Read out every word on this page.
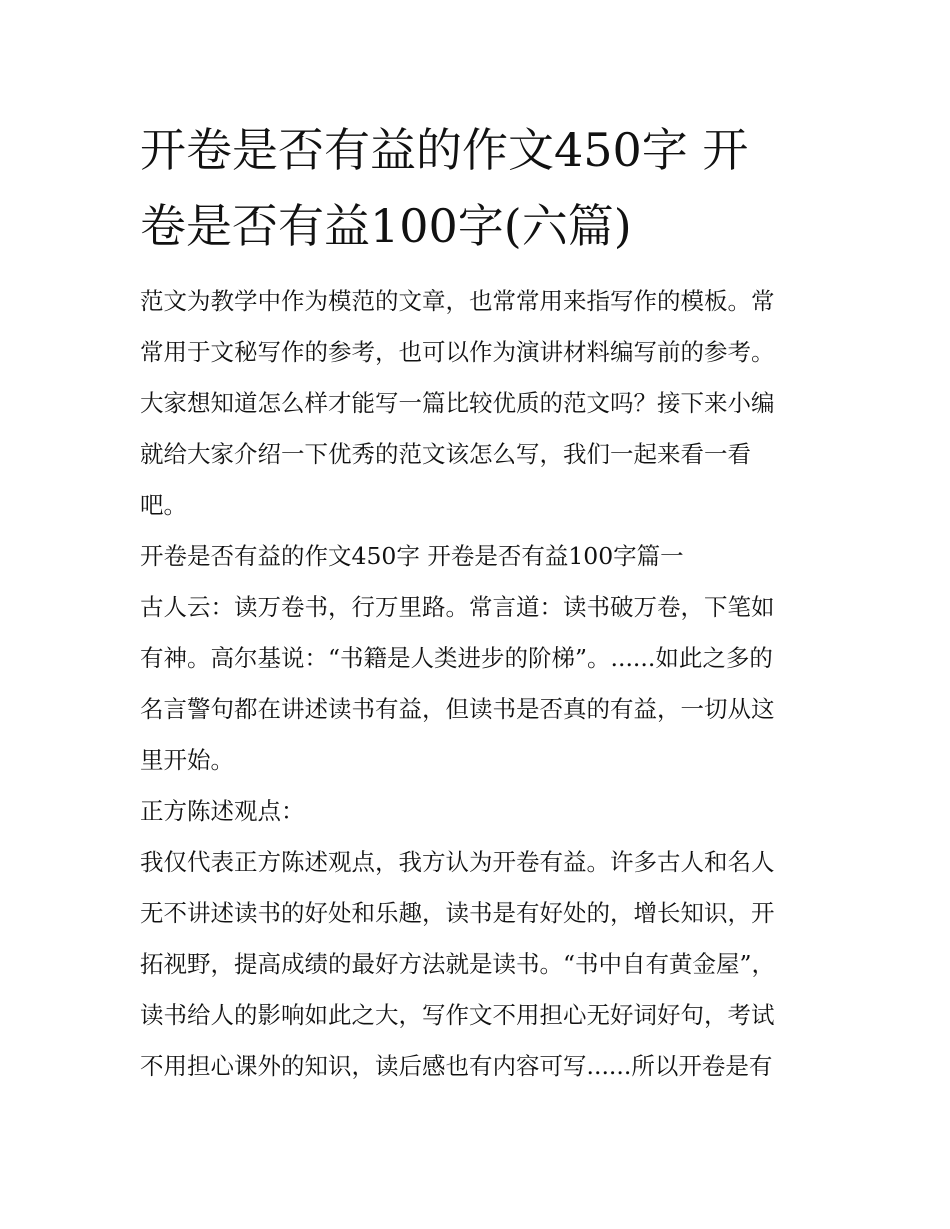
开卷是否有益的作文450字 开
卷是否有益100字(六篇)
范文为教学中作为模范的文章，也常常用来指写作的模板。常
常用于文秘写作的参考，也可以作为演讲材料编写前的参考。
大家想知道怎么样才能写一篇比较优质的范文吗？接下来小编
就给大家介绍一下优秀的范文该怎么写，我们一起来看一看
吧。
开卷是否有益的作文450字 开卷是否有益100字篇一
古人云：读万卷书，行万里路。常言道：读书破万卷，下笔如
有神。高尔基说：“书籍是人类进步的阶梯”。......如此之多的
名言警句都在讲述读书有益，但读书是否真的有益，一切从这
里开始。
正方陈述观点：
我仅代表正方陈述观点，我方认为开卷有益。许多古人和名人
无不讲述读书的好处和乐趣，读书是有好处的，增长知识，开
拓视野，提高成绩的最好方法就是读书。“书中自有黄金屋”，
读书给人的影响如此之大，写作文不用担心无好词好句，考试
不用担心课外的知识，读后感也有内容可写......所以开卷是有
